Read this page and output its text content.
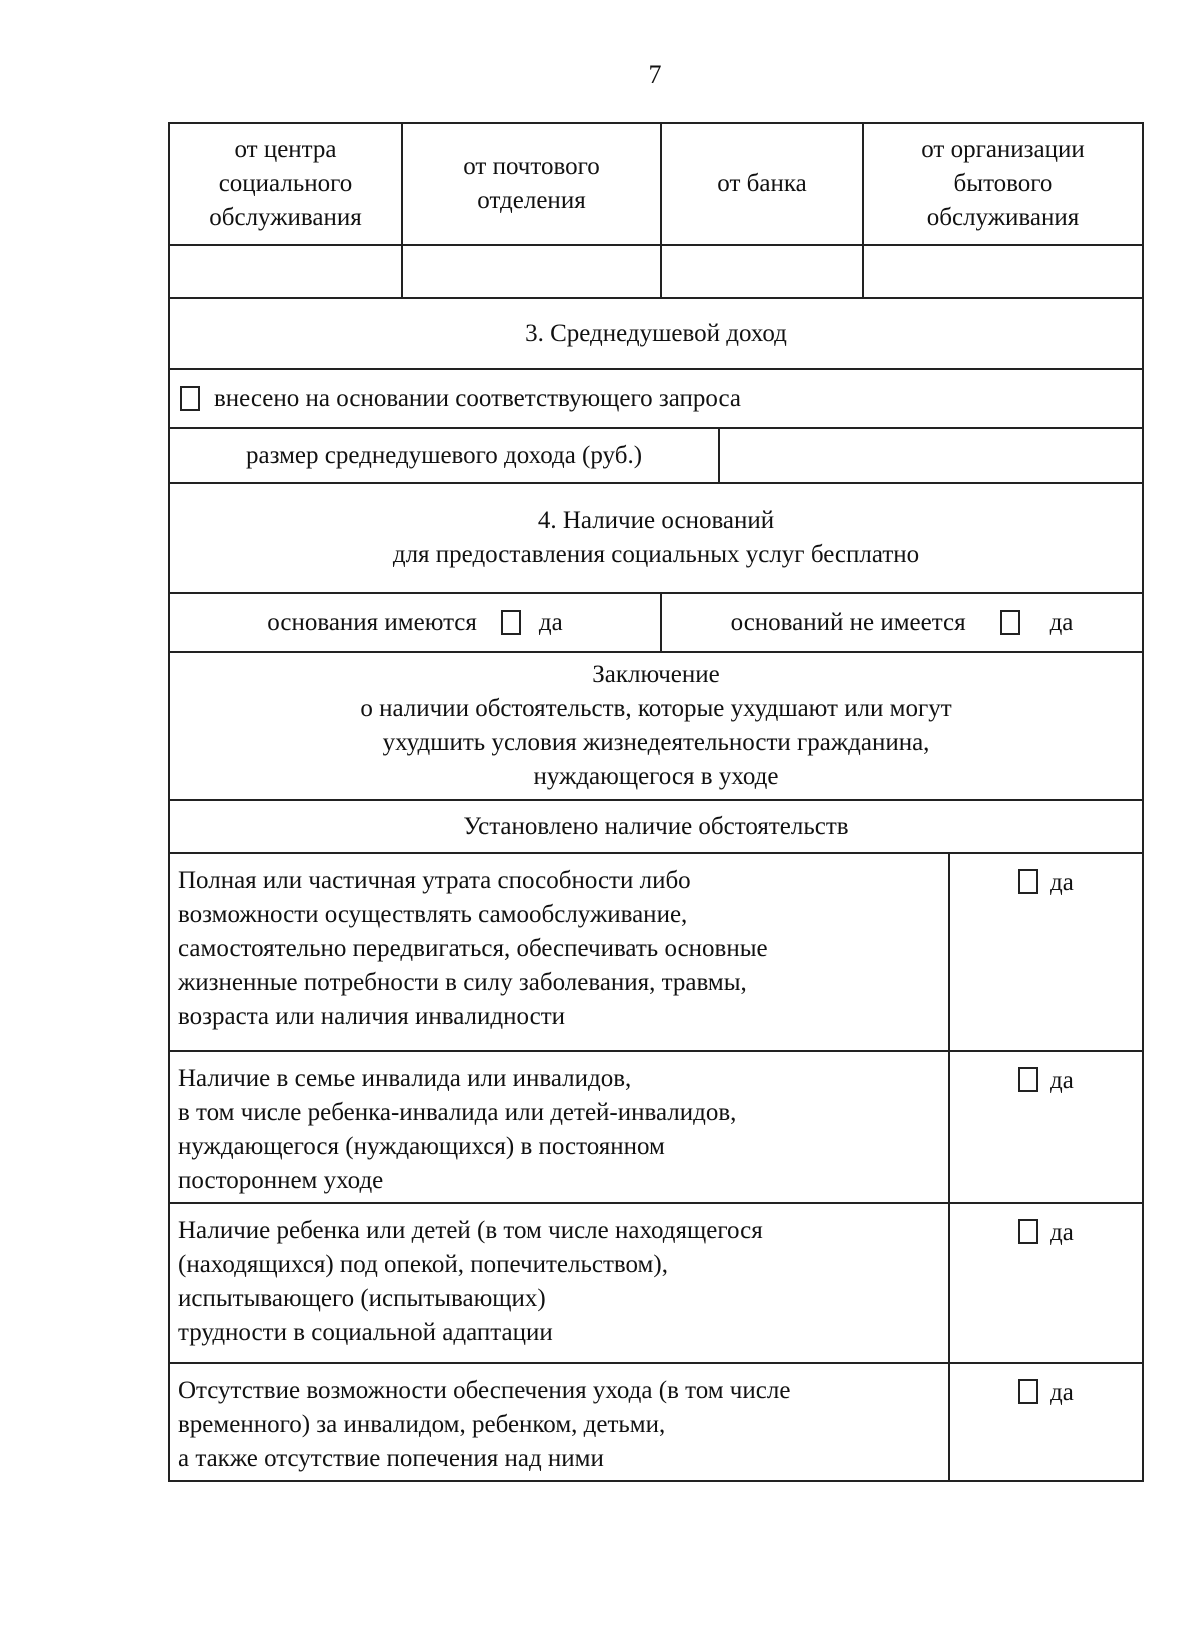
7
от центра
социального
обслуживания
от почтового
отделения
от банка
от организации
бытового
обслуживания
3. Среднедушевой доход
внесено на основании соответствующего запроса
размер среднедушевого дохода (руб.)
4. Наличие оснований
для предоставления социальных услуг бесплатно
основания имеются да	оснований не имеется	да
Заключение
о наличии обстоятельств, которые ухудшают или могут
ухудшить условия жизнедеятельности гражданина,
нуждающегося в уходе
Установлено наличие обстоятельств
Полная или частичная утрата способности либо
возможности осуществлять самообслуживание,
самостоятельно передвигаться, обеспечивать основные
жизненные потребности в силу заболевания, травмы,
возраста или наличия инвалидности
да
Наличие в семье инвалида или инвалидов,
в том числе ребенка-инвалида или детей-инвалидов,
нуждающегося (нуждающихся) в постоянном
постороннем уходе
да
Наличие ребенка или детей (в том числе находящегося
(находящихся) под опекой, попечительством),
испытывающего (испытывающих)
трудности в социальной адаптации
да
Отсутствие возможности обеспечения ухода (в том числе
временного) за инвалидом, ребенком, детьми,
а также отсутствие попечения над ними
да
